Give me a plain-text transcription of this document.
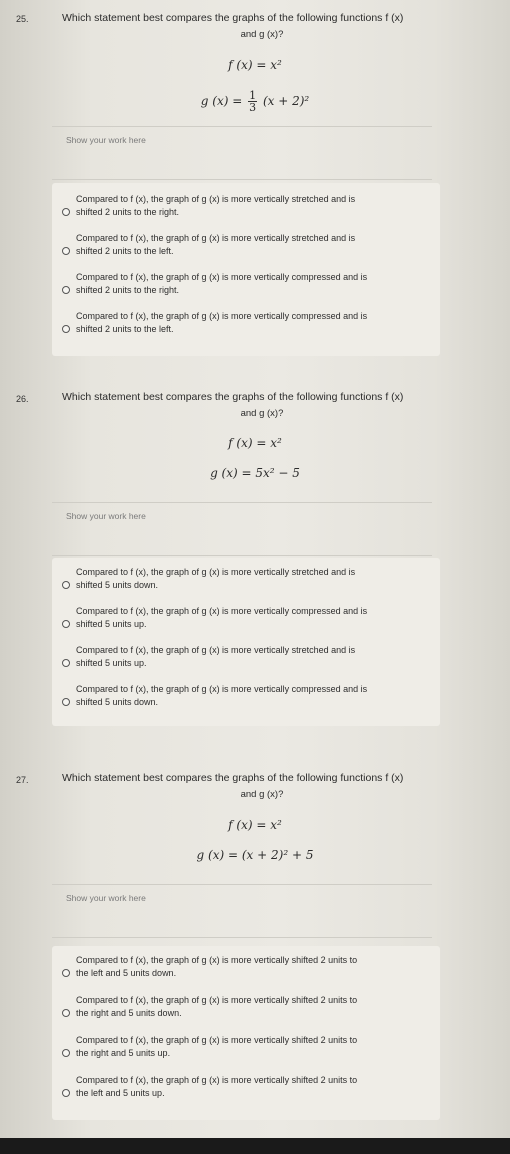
25.	Which statement best compares the graphs of the following functions f (x)
and g (x)?
f (x) = x²
g $(x) = \frac{1}{3} (x + 2)^2$
Show your work here
Compared to f (x), the graph of g (x) is more vertically stretched and is
shifted 2 units to the right.
Compared to f (x), the graph of g (x) is more vertically stretched and is
shifted 2 units to the left.
Compared to f (x), the graph of g (x) is more vertically compressed and is
shifted 2 units to the right.
Compared to f (x), the graph of g (x) is more vertically compressed and is
shifted 2 units to the left.
26.	Which statement best compares the graphs of the following functions f (x)
and g (x)?
f (x) = x²
g (x) = 5x² − 5
Show your work here
Compared to f (x), the graph of g (x) is more vertically stretched and is
shifted 5 units down.
Compared to f (x), the graph of g (x) is more vertically compressed and is
shifted 5 units up.
Compared to f (x), the graph of g (x) is more vertically stretched and is
shifted 5 units up.
Compared to f (x), the graph of g (x) is more vertically compressed and is
shifted 5 units down.
27.	Which statement best compares the graphs of the following functions f (x)
and g (x)?
f (x) = x²
g (x) = (x + 2)² + 5
Show your work here
Compared to f (x), the graph of g (x) is more vertically shifted 2 units to
the left and 5 units down.
Compared to f (x), the graph of g (x) is more vertically shifted 2 units to
the right and 5 units down.
Compared to f (x), the graph of g (x) is more vertically shifted 2 units to
the right and 5 units up.
Compared to f (x), the graph of g (x) is more vertically shifted 2 units to
the left and 5 units up.
